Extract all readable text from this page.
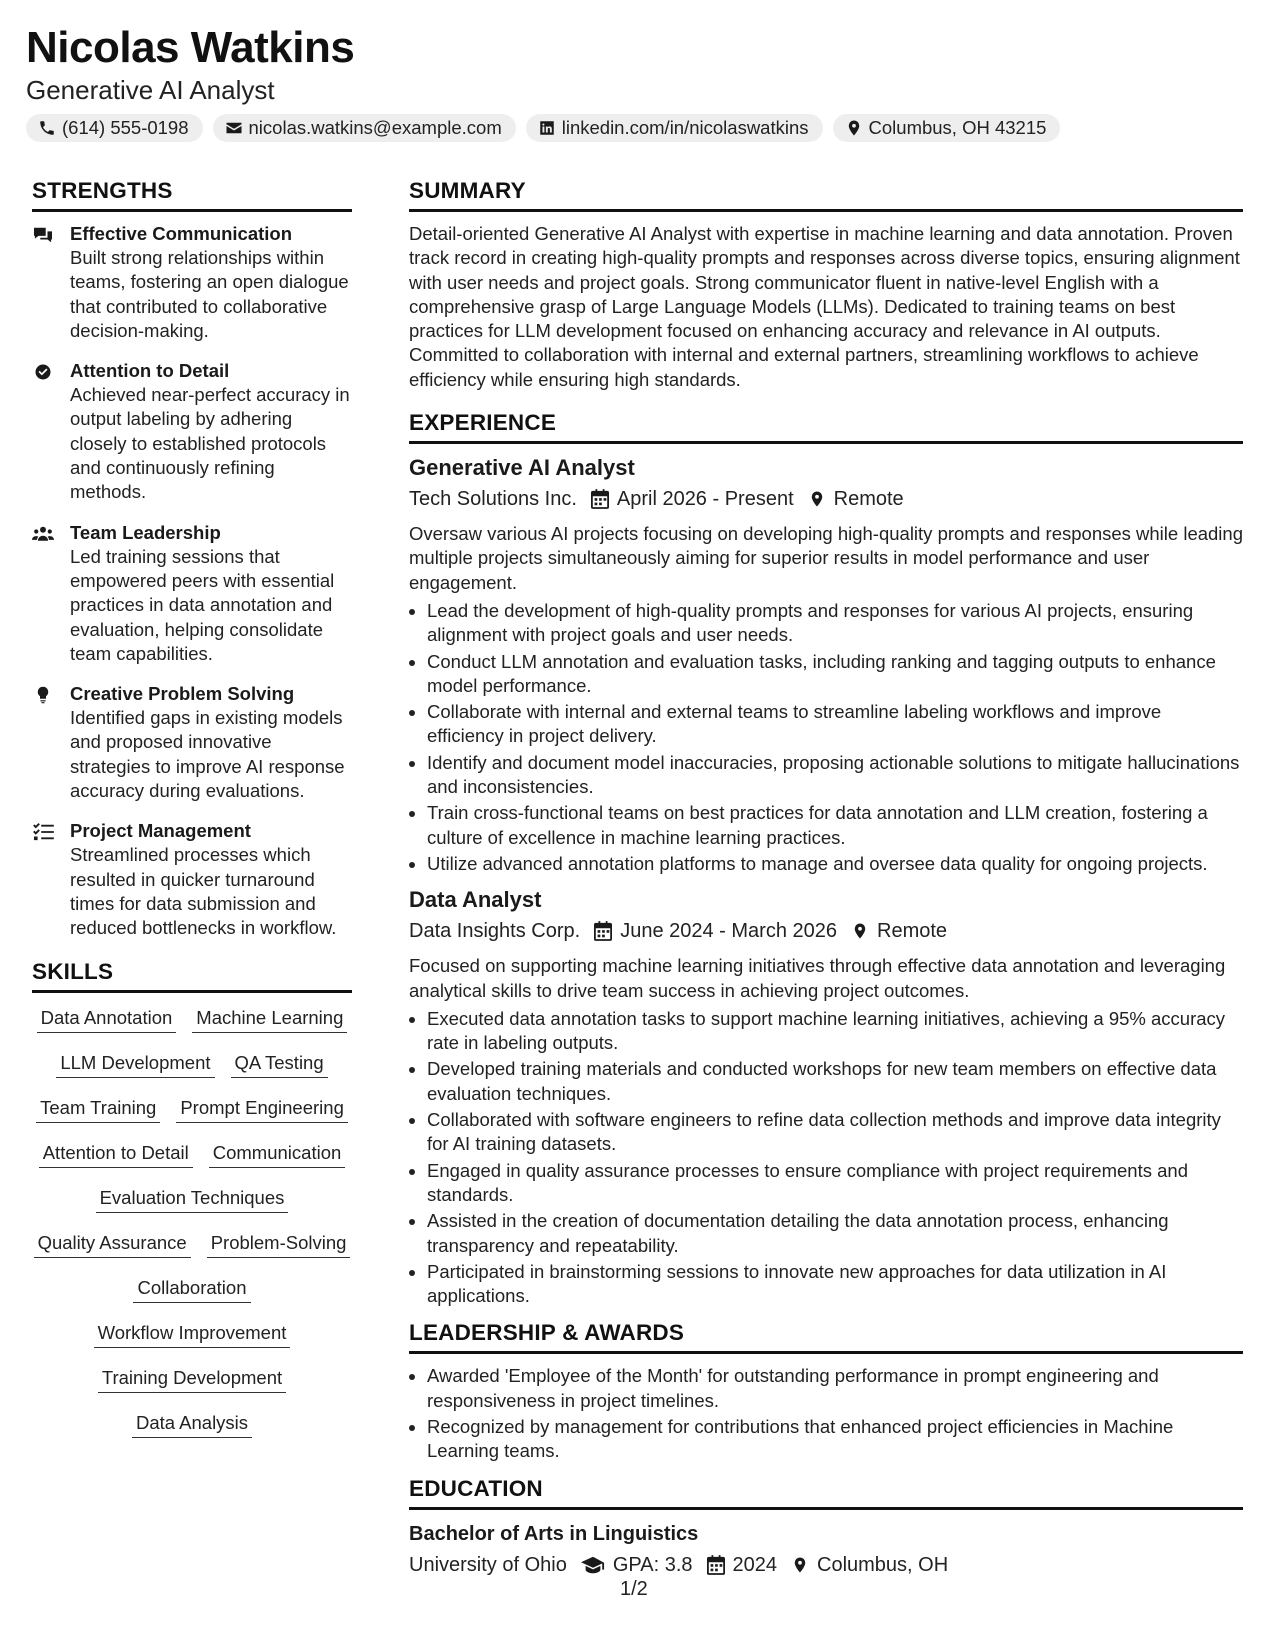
Nicolas Watkins
Generative AI Analyst
(614) 555-0198	nicolas.watkins@example.com	linkedin.com/in/nicolaswatkins	Columbus, OH 43215
STRENGTHS
Effective Communication
Built strong relationships within teams, fostering an open dialogue that contributed to collaborative decision-making.
Attention to Detail
Achieved near-perfect accuracy in output labeling by adhering closely to established protocols and continuously refining methods.
Team Leadership
Led training sessions that empowered peers with essential practices in data annotation and evaluation, helping consolidate team capabilities.
Creative Problem Solving
Identified gaps in existing models and proposed innovative strategies to improve AI response accuracy during evaluations.
Project Management
Streamlined processes which resulted in quicker turnaround times for data submission and reduced bottlenecks in workflow.
SKILLS
Data Annotation Machine Learning
LLM Development QA Testing
Team Training Prompt Engineering
Attention to Detail Communication
Evaluation Techniques
Quality Assurance Problem-Solving
Collaboration
Workflow Improvement
Training Development
Data Analysis
SUMMARY
Detail-oriented Generative AI Analyst with expertise in machine learning and data annotation. Proven track record in creating high-quality prompts and responses across diverse topics, ensuring alignment with user needs and project goals. Strong communicator fluent in native-level English with a comprehensive grasp of Large Language Models (LLMs). Dedicated to training teams on best practices for LLM development focused on enhancing accuracy and relevance in AI outputs. Committed to collaboration with internal and external partners, streamlining workflows to achieve efficiency while ensuring high standards.
EXPERIENCE
Generative AI Analyst
Tech Solutions Inc. April 2026 - Present Remote
Oversaw various AI projects focusing on developing high-quality prompts and responses while leading multiple projects simultaneously aiming for superior results in model performance and user engagement.
• Lead the development of high-quality prompts and responses for various AI projects, ensuring alignment with project goals and user needs.
• Conduct LLM annotation and evaluation tasks, including ranking and tagging outputs to enhance model performance.
• Collaborate with internal and external teams to streamline labeling workflows and improve efficiency in project delivery.
• Identify and document model inaccuracies, proposing actionable solutions to mitigate hallucinations and inconsistencies.
• Train cross-functional teams on best practices for data annotation and LLM creation, fostering a culture of excellence in machine learning practices.
• Utilize advanced annotation platforms to manage and oversee data quality for ongoing projects.
Data Analyst
Data Insights Corp. June 2024 - March 2026 Remote
Focused on supporting machine learning initiatives through effective data annotation and leveraging analytical skills to drive team success in achieving project outcomes.
• Executed data annotation tasks to support machine learning initiatives, achieving a 95% accuracy rate in labeling outputs.
• Developed training materials and conducted workshops for new team members on effective data evaluation techniques.
• Collaborated with software engineers to refine data collection methods and improve data integrity for AI training datasets.
• Engaged in quality assurance processes to ensure compliance with project requirements and standards.
• Assisted in the creation of documentation detailing the data annotation process, enhancing transparency and repeatability.
• Participated in brainstorming sessions to innovate new approaches for data utilization in AI applications.
LEADERSHIP & AWARDS
• Awarded 'Employee of the Month' for outstanding performance in prompt engineering and responsiveness in project timelines.
• Recognized by management for contributions that enhanced project efficiencies in Machine Learning teams.
EDUCATION
Bachelor of Arts in Linguistics
University of Ohio GPA: 3.8 2024 Columbus, OH
1/2
